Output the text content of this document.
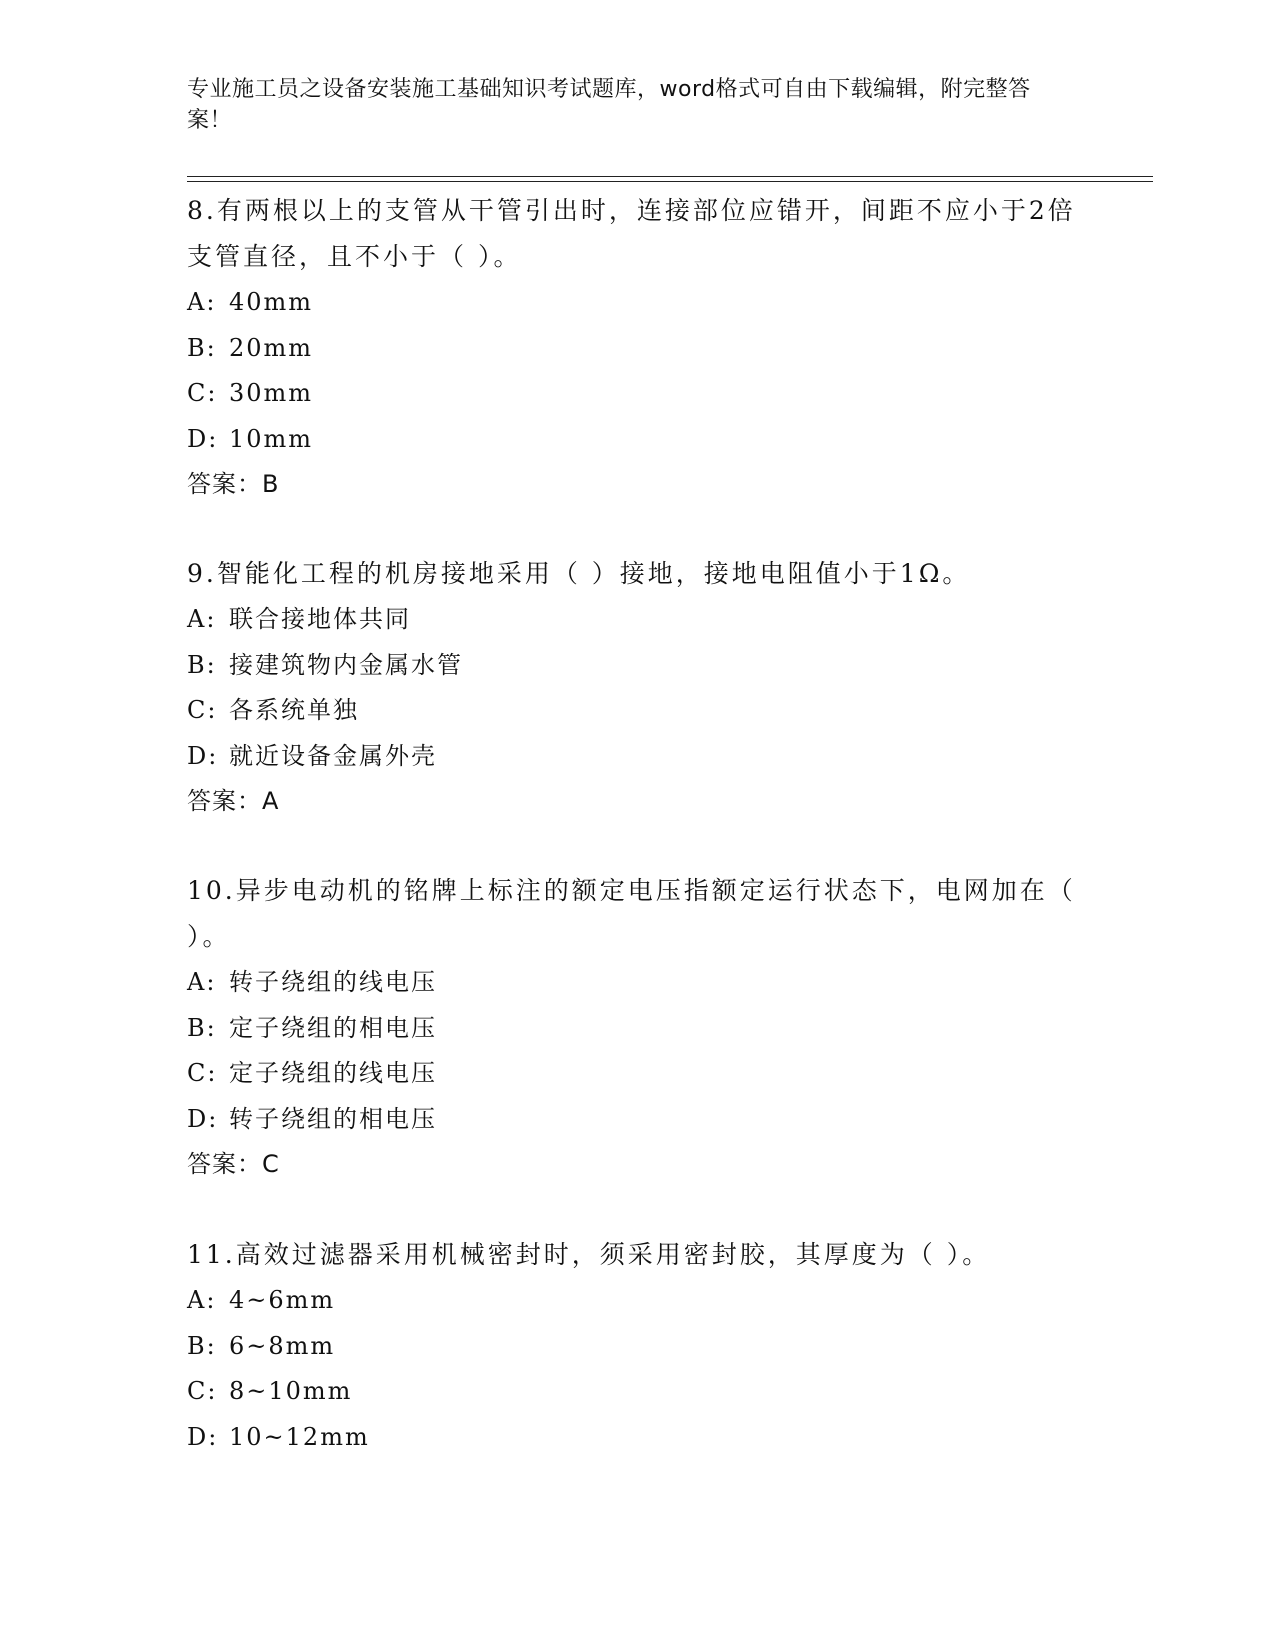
专业施工员之设备安装施工基础知识考试题库，word格式可自由下载编辑，附完整答案！

8.有两根以上的支管从干管引出时，连接部位应错开，间距不应小于2倍支管直径，且不小于（ ）。

A: 40mm

B: 20mm

C: 30mm

D: 10mm

答案：B

9.智能化工程的机房接地采用（ ）接地，接地电阻值小于1Ω。

A: 联合接地体共同

B: 接建筑物内金属水管

C: 各系统单独

D: 就近设备金属外壳

答案：A

10.异步电动机的铭牌上标注的额定电压指额定运行状态下，电网加在（ ）。

A: 转子绕组的线电压

B: 定子绕组的相电压

C: 定子绕组的线电压

D: 转子绕组的相电压

答案：C

11.高效过滤器采用机械密封时，须采用密封胶，其厚度为（ ）。

A: 4~6mm

B: 6~8mm

C: 8~10mm

D: 10~12mm
